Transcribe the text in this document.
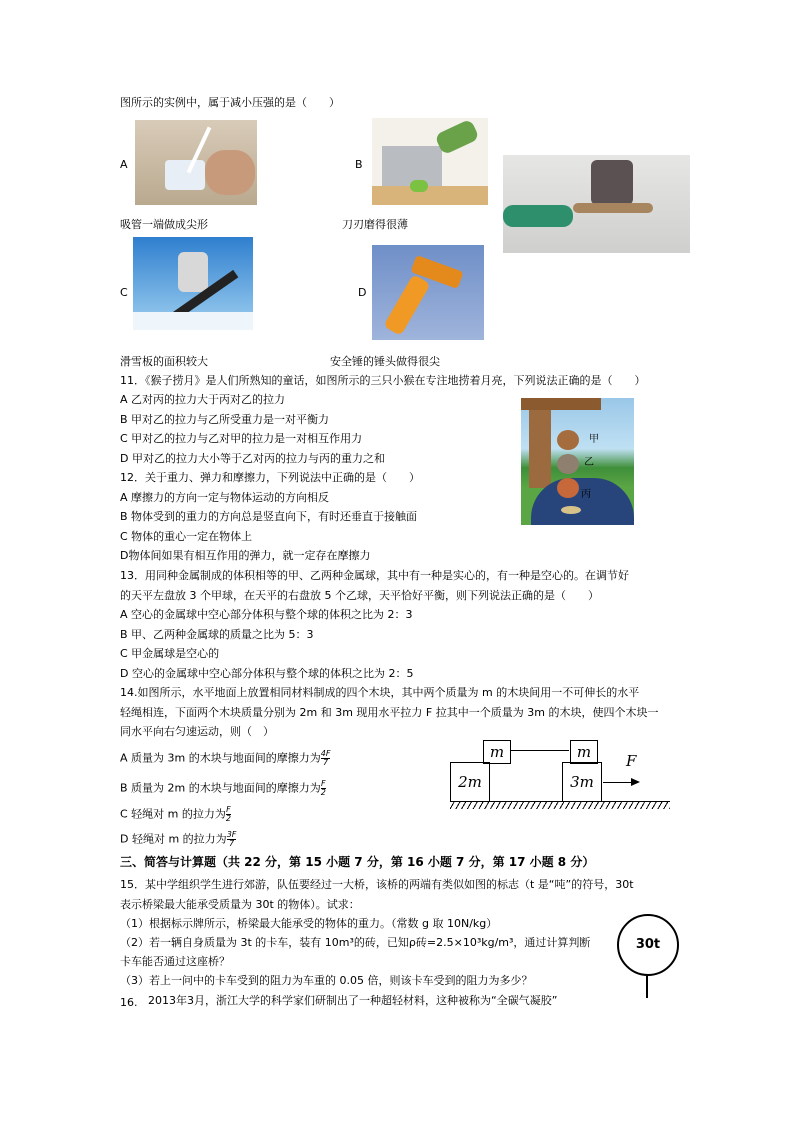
图所示的实例中，属于减小压强的是（　　）
A	B
吸管一端做成尖形	刀刃磨得很薄
C	D
滑雪板的面积较大	安全锤的锤头做得很尖
11．《猴子捞月》是人们所熟知的童话，如图所示的三只小猴在专注地捞着月亮，下列说法正确的是（　　）
A 乙对丙的拉力大于丙对乙的拉力
B 甲对乙的拉力与乙所受重力是一对平衡力
C 甲对乙的拉力与乙对甲的拉力是一对相互作用力
D 甲对乙的拉力大小等于乙对丙的拉力与丙的重力之和
甲
乙
丙
12．关于重力、弹力和摩擦力，下列说法中正确的是（　　）
A 摩擦力的方向一定与物体运动的方向相反
B 物体受到的重力的方向总是竖直向下，有时还垂直于接触面
C 物体的重心一定在物体上
D物体间如果有相互作用的弹力，就一定存在摩擦力
13．用同种金属制成的体积相等的甲、乙两种金属球，其中有一种是实心的，有一种是空心的。在调节好
的天平左盘放 3 个甲球，在天平的右盘放 5 个乙球，天平恰好平衡，则下列说法正确的是（　　）
A 空心的金属球中空心部分体积与整个球的体积之比为 2：3
B 甲、乙两种金属球的质量之比为 5：3
C 甲金属球是空心的
D 空心的金属球中空心部分体积与整个球的体积之比为 2：5
14.如图所示，水平地面上放置相同材料制成的四个木块，其中两个质量为 m 的木块间用一不可伸长的水平
轻绳相连，下面两个木块质量分别为 2m 和 3m 现用水平拉力 F 拉其中一个质量为 3m 的木块，使四个木块一
同水平向右匀速运动，则（　）
A 质量为 3m 的木块与地面间的摩擦力为 $\frac{4F}{7}$
B 质量为 2m 的木块与地面间的摩擦力为 $\frac{F}{2}$
C 轻绳对 m 的拉力为 $\frac{F}{2}$
D 轻绳对 m 的拉力为 $\frac{3F}{7}$
m	m
2m	3m
F
三、简答与计算题（共 22 分，第 15 小题 7 分，第 16 小题 7 分，第 17 小题 8 分）
15．某中学组织学生进行郊游，队伍要经过一大桥，该桥的两端有类似如图的标志（t 是“吨”的符号，30t
表示桥梁最大能承受质量为 30t 的物体）。试求：
（1）根据标示牌所示，桥梁最大能承受的物体的重力。（常数 g 取 10N/kg）
（2）若一辆自身质量为 3t 的卡车，装有 10m³的砖，已知ρ砖=2.5×10³kg/m³，通过计算判断
卡车能否通过这座桥？
（3）若上一问中的卡车受到的阻力为车重的 0.05 倍，则该卡车受到的阻力为多少？
30t
16. 2013年3月，浙江大学的科学家们研制出了一种超轻材料，这种被称为“全碳气凝胶”
